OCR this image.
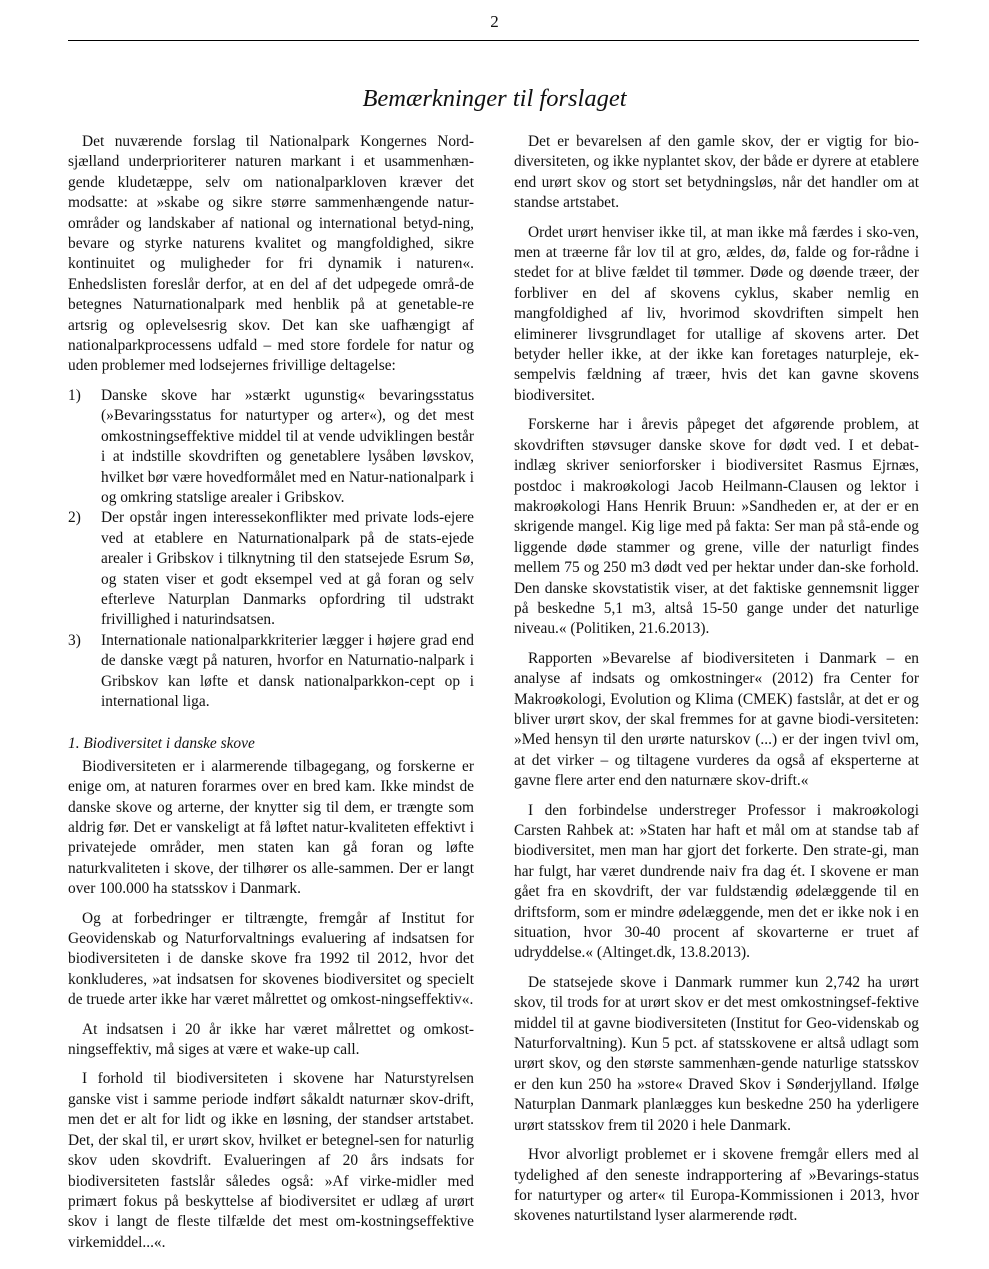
2
Bemærkninger til forslaget

Det nuværende forslag til Nationalpark Kongernes Nord-sjælland underprioriterer naturen markant i et usammenhæn-gende kludetæppe, selv om nationalparkloven kræver det modsatte: at »skabe og sikre større sammenhængende natur-områder og landskaber af national og international betyd-ning, bevare og styrke naturens kvalitet og mangfoldighed, sikre kontinuitet og muligheder for fri dynamik i naturen«. Enhedslisten foreslår derfor, at en del af det udpegede områ-de betegnes Naturnationalpark med henblik på at genetable-re artsrig og oplevelsesrig skov. Det kan ske uafhængigt af nationalparkprocessens udfald – med store fordele for natur og uden problemer med lodsejernes frivillige deltagelse:

1) Danske skove har »stærkt ugunstig« bevaringsstatus (»Bevaringsstatus for naturtyper og arter«), og det mest omkostningseffektive middel til at vende udviklingen består i at indstille skovdriften og genetablere lysåben løvskov, hvilket bør være hovedformålet med en Natur-nationalpark i og omkring statslige arealer i Gribskov.
2) Der opstår ingen interessekonflikter med private lods-ejere ved at etablere en Naturnationalpark på de stats-ejede arealer i Gribskov i tilknytning til den statsejede Esrum Sø, og staten viser et godt eksempel ved at gå foran og selv efterleve Naturplan Danmarks opfordring til udstrakt frivillighed i naturindsatsen.
3) Internationale nationalparkkriterier lægger i højere grad end de danske vægt på naturen, hvorfor en Naturnatio-nalpark i Gribskov kan løfte et dansk nationalparkkon-cept op i international liga.
1. Biodiversitet i danske skove

Biodiversiteten er i alarmerende tilbagegang, og forskerne er enige om, at naturen forarmes over en bred kam. Ikke mindst de danske skove og arterne, der knytter sig til dem, er trængte som aldrig før. Det er vanskeligt at få løftet natur-kvaliteten effektivt i privatejede områder, men staten kan gå foran og løfte naturkvaliteten i skove, der tilhører os alle-sammen. Der er langt over 100.000 ha statsskov i Danmark.

Og at forbedringer er tiltrængte, fremgår af Institut for Geovidenskab og Naturforvaltnings evaluering af indsatsen for biodiversiteten i de danske skove fra 1992 til 2012, hvor det konkluderes, »at indsatsen for skovenes biodiversitet og specielt de truede arter ikke har været målrettet og omkost-ningseffektiv«.

At indsatsen i 20 år ikke har været målrettet og omkost-ningseffektiv, må siges at være et wake-up call.

I forhold til biodiversiteten i skovene har Naturstyrelsen ganske vist i samme periode indført såkaldt naturnær skov-drift, men det er alt for lidt og ikke en løsning, der standser artstabet. Det, der skal til, er urørt skov, hvilket er betegnel-sen for naturlig skov uden skovdrift. Evalueringen af 20 års indsats for biodiversiteten fastslår således også: »Af virke-midler med primært fokus på beskyttelse af biodiversitet er udlæg af urørt skov i langt de fleste tilfælde det mest om-kostningseffektive virkemiddel...«.

Det er bevarelsen af den gamle skov, der er vigtig for bio-diversiteten, og ikke nyplantet skov, der både er dyrere at etablere end urørt skov og stort set betydningsløs, når det handler om at standse artstabet.

Ordet urørt henviser ikke til, at man ikke må færdes i sko-ven, men at træerne får lov til at gro, ældes, dø, falde og for-rådne i stedet for at blive fældet til tømmer. Døde og døende træer, der forbliver en del af skovens cyklus, skaber nemlig en mangfoldighed af liv, hvorimod skovdriften simpelt hen eliminerer livsgrundlaget for utallige af skovens arter. Det betyder heller ikke, at der ikke kan foretages naturpleje, ek-sempelvis fældning af træer, hvis det kan gavne skovens biodiversitet.

Forskerne har i årevis påpeget det afgørende problem, at skovdriften støvsuger danske skove for dødt ved. I et debat-indlæg skriver seniorforsker i biodiversitet Rasmus Ejrnæs, postdoc i makroøkologi Jacob Heilmann-Clausen og lektor i makroøkologi Hans Henrik Bruun: »Sandheden er, at der er en skrigende mangel. Kig lige med på fakta: Ser man på stå-ende og liggende døde stammer og grene, ville der naturligt findes mellem 75 og 250 m3 dødt ved per hektar under dan-ske forhold. Den danske skovstatistik viser, at det faktiske gennemsnit ligger på beskedne 5,1 m3, altså 15-50 gange under det naturlige niveau.« (Politiken, 21.6.2013).

Rapporten »Bevarelse af biodiversiteten i Danmark – en analyse af indsats og omkostninger« (2012) fra Center for Makroøkologi, Evolution og Klima (CMEK) fastslår, at det er og bliver urørt skov, der skal fremmes for at gavne biodi-versiteten: »Med hensyn til den urørte naturskov (...) er der ingen tvivl om, at det virker – og tiltagene vurderes da også af eksperterne at gavne flere arter end den naturnære skov-drift.«

I den forbindelse understreger Professor i makroøkologi Carsten Rahbek at: »Staten har haft et mål om at standse tab af biodiversitet, men man har gjort det forkerte. Den strate-gi, man har fulgt, har været dundrende naiv fra dag ét. I skovene er man gået fra en skovdrift, der var fuldstændig ødelæggende til en driftsform, som er mindre ødelæggende, men det er ikke nok i en situation, hvor 30-40 procent af skovarterne er truet af udryddelse.« (Altinget.dk, 13.8.2013).

De statsejede skove i Danmark rummer kun 2,742 ha urørt skov, til trods for at urørt skov er det mest omkostningsef-fektive middel til at gavne biodiversiteten (Institut for Geo-videnskab og Naturforvaltning). Kun 5 pct. af statsskovene er altså udlagt som urørt skov, og den største sammenhæn-gende naturlige statsskov er den kun 250 ha »store« Draved Skov i Sønderjylland. Ifølge Naturplan Danmark planlægges kun beskedne 250 ha yderligere urørt statsskov frem til 2020 i hele Danmark.

Hvor alvorligt problemet er i skovene fremgår ellers med al tydelighed af den seneste indrapportering af »Bevarings-status for naturtyper og arter« til Europa-Kommissionen i 2013, hvor skovenes naturtilstand lyser alarmerende rødt.
